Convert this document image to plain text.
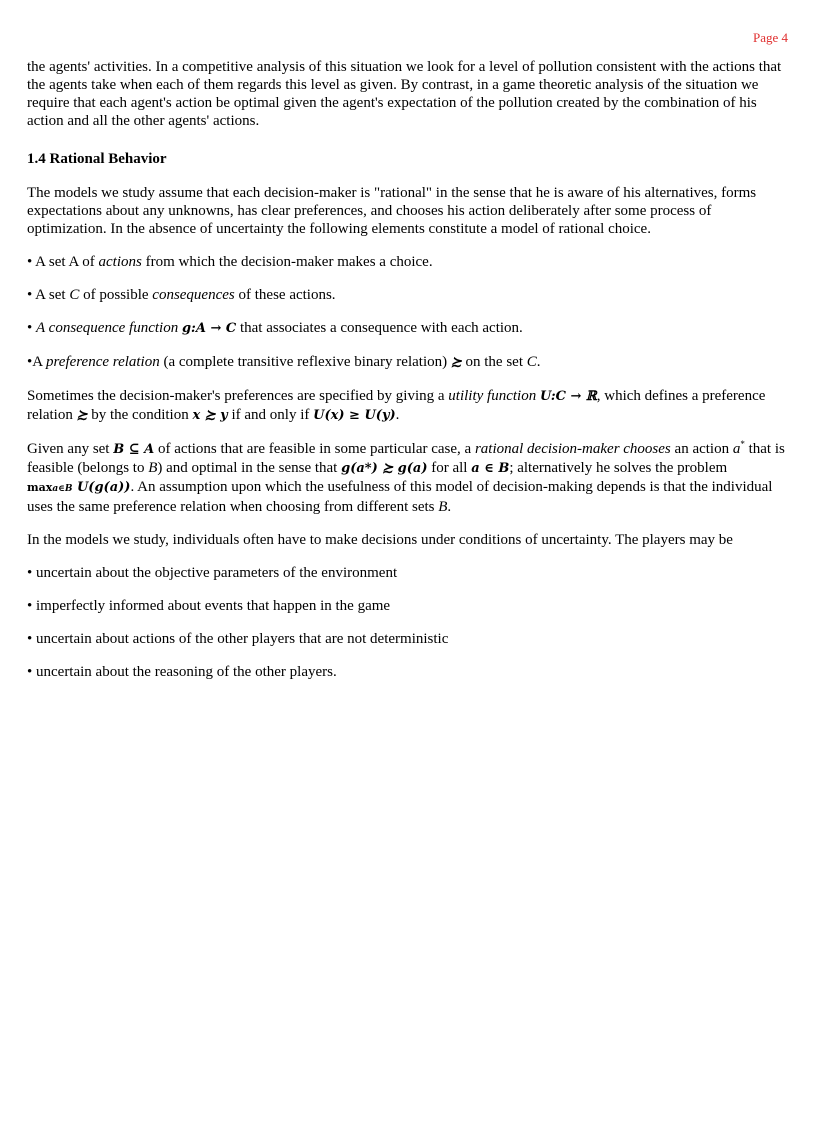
Page 4

the agents' activities. In a competitive analysis of this situation we look for a level of pollution consistent with the actions that the agents take when each of them regards this level as given. By contrast, in a game theoretic analysis of the situation we require that each agent's action be optimal given the agent's expectation of the pollution created by the combination of his action and all the other agents' actions.

1.4 Rational Behavior

The models we study assume that each decision-maker is "rational" in the sense that he is aware of his alternatives, forms expectations about any unknowns, has clear preferences, and chooses his action deliberately after some process of optimization. In the absence of uncertainty the following elements constitute a model of rational choice.

• A set A of actions from which the decision-maker makes a choice.

• A set C of possible consequences of these actions.

• A consequence function g:A → C that associates a consequence with each action.

•A preference relation (a complete transitive reflexive binary relation) ≿ on the set C.

Sometimes the decision-maker's preferences are specified by giving a utility function U:C → ℝ, which defines a preference relation ≿ by the condition x ≿ y if and only if U(x) ≥ U(y).

Given any set B ⊆ A of actions that are feasible in some particular case, a rational decision-maker chooses an action a* that is feasible (belongs to B) and optimal in the sense that g(a*) ≿ g(a) for all a ∈ B; alternatively he solves the problem maxa∈B U(g(a)). An assumption upon which the usefulness of this model of decision-making depends is that the individual uses the same preference relation when choosing from different sets B.

In the models we study, individuals often have to make decisions under conditions of uncertainty. The players may be

• uncertain about the objective parameters of the environment

• imperfectly informed about events that happen in the game

• uncertain about actions of the other players that are not deterministic

• uncertain about the reasoning of the other players.
